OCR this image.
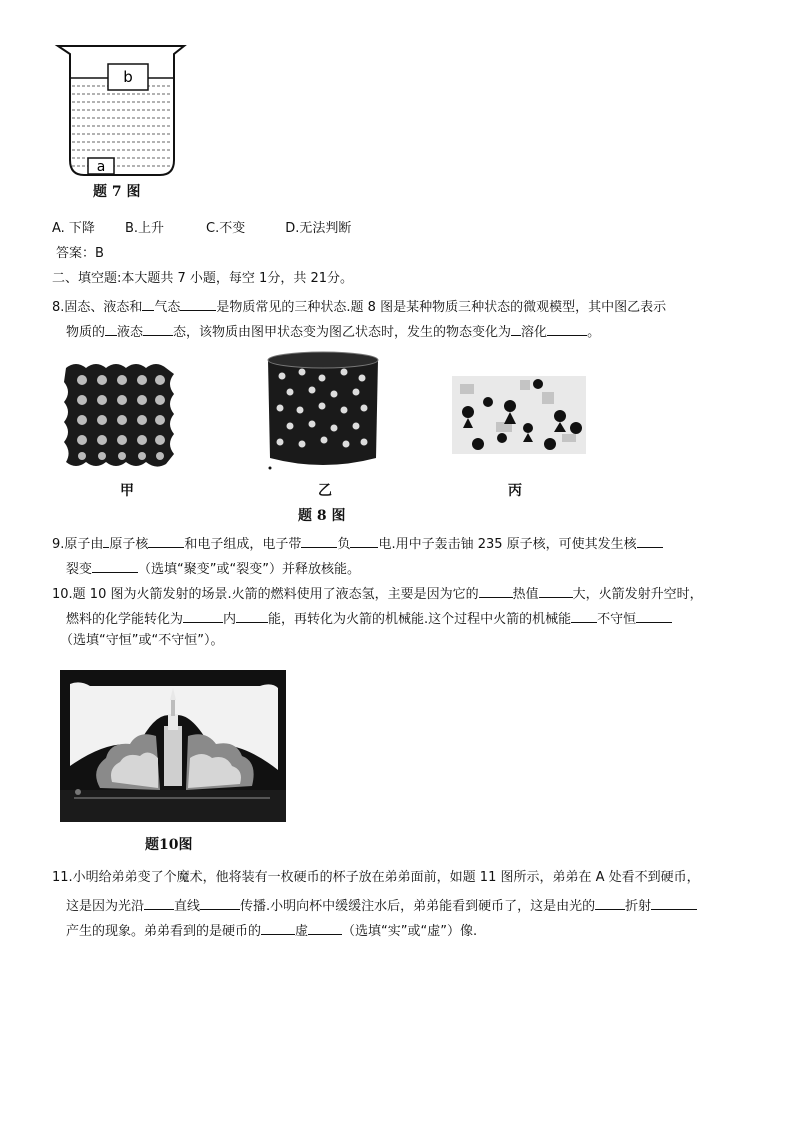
b
a
题 7 图
A. 下降 B.上升	C.不变	D.无法判断
答案：B
二、填空题:本大题共 7 小题，每空 1分，共 21分。
8.固态、液态和 气态	是物质常见的三种状态.题 8 图是某种物质三种状态的微观模型，其中图乙表示
物质的 液态 态，该物质由图甲状态变为图乙状态时，发生的物态变化为 溶化	。
甲	乙	丙
题 8 图
9.原子由 原子核	和电子组成，电子带	负 电.用中子轰击铀 235 原子核，可使其发生核
裂变	（选填“聚变”或“裂变”）并释放核能。
10.题 10 图为火箭发射的场景.火箭的燃料使用了液态氢，主要是因为它的	热值	大，火箭发射升空时，
燃料的化学能转化为	内 能，再转化为火箭的机械能.这个过程中火箭的机械能 不守恒
（选填“守恒”或“不守恒”）。
题10图
11.小明给弟弟变了个魔术，他将装有一枚硬币的杯子放在弟弟面前，如题 11 图所示，弟弟在 A 处看不到硬币，
这是因为光沿 直线	传播.小明向杯中缓缓注水后，弟弟能看到硬币了，这是由光的 折射
产生的现象。弟弟看到的是硬币的	虚	（选填“实”或“虚”）像.
